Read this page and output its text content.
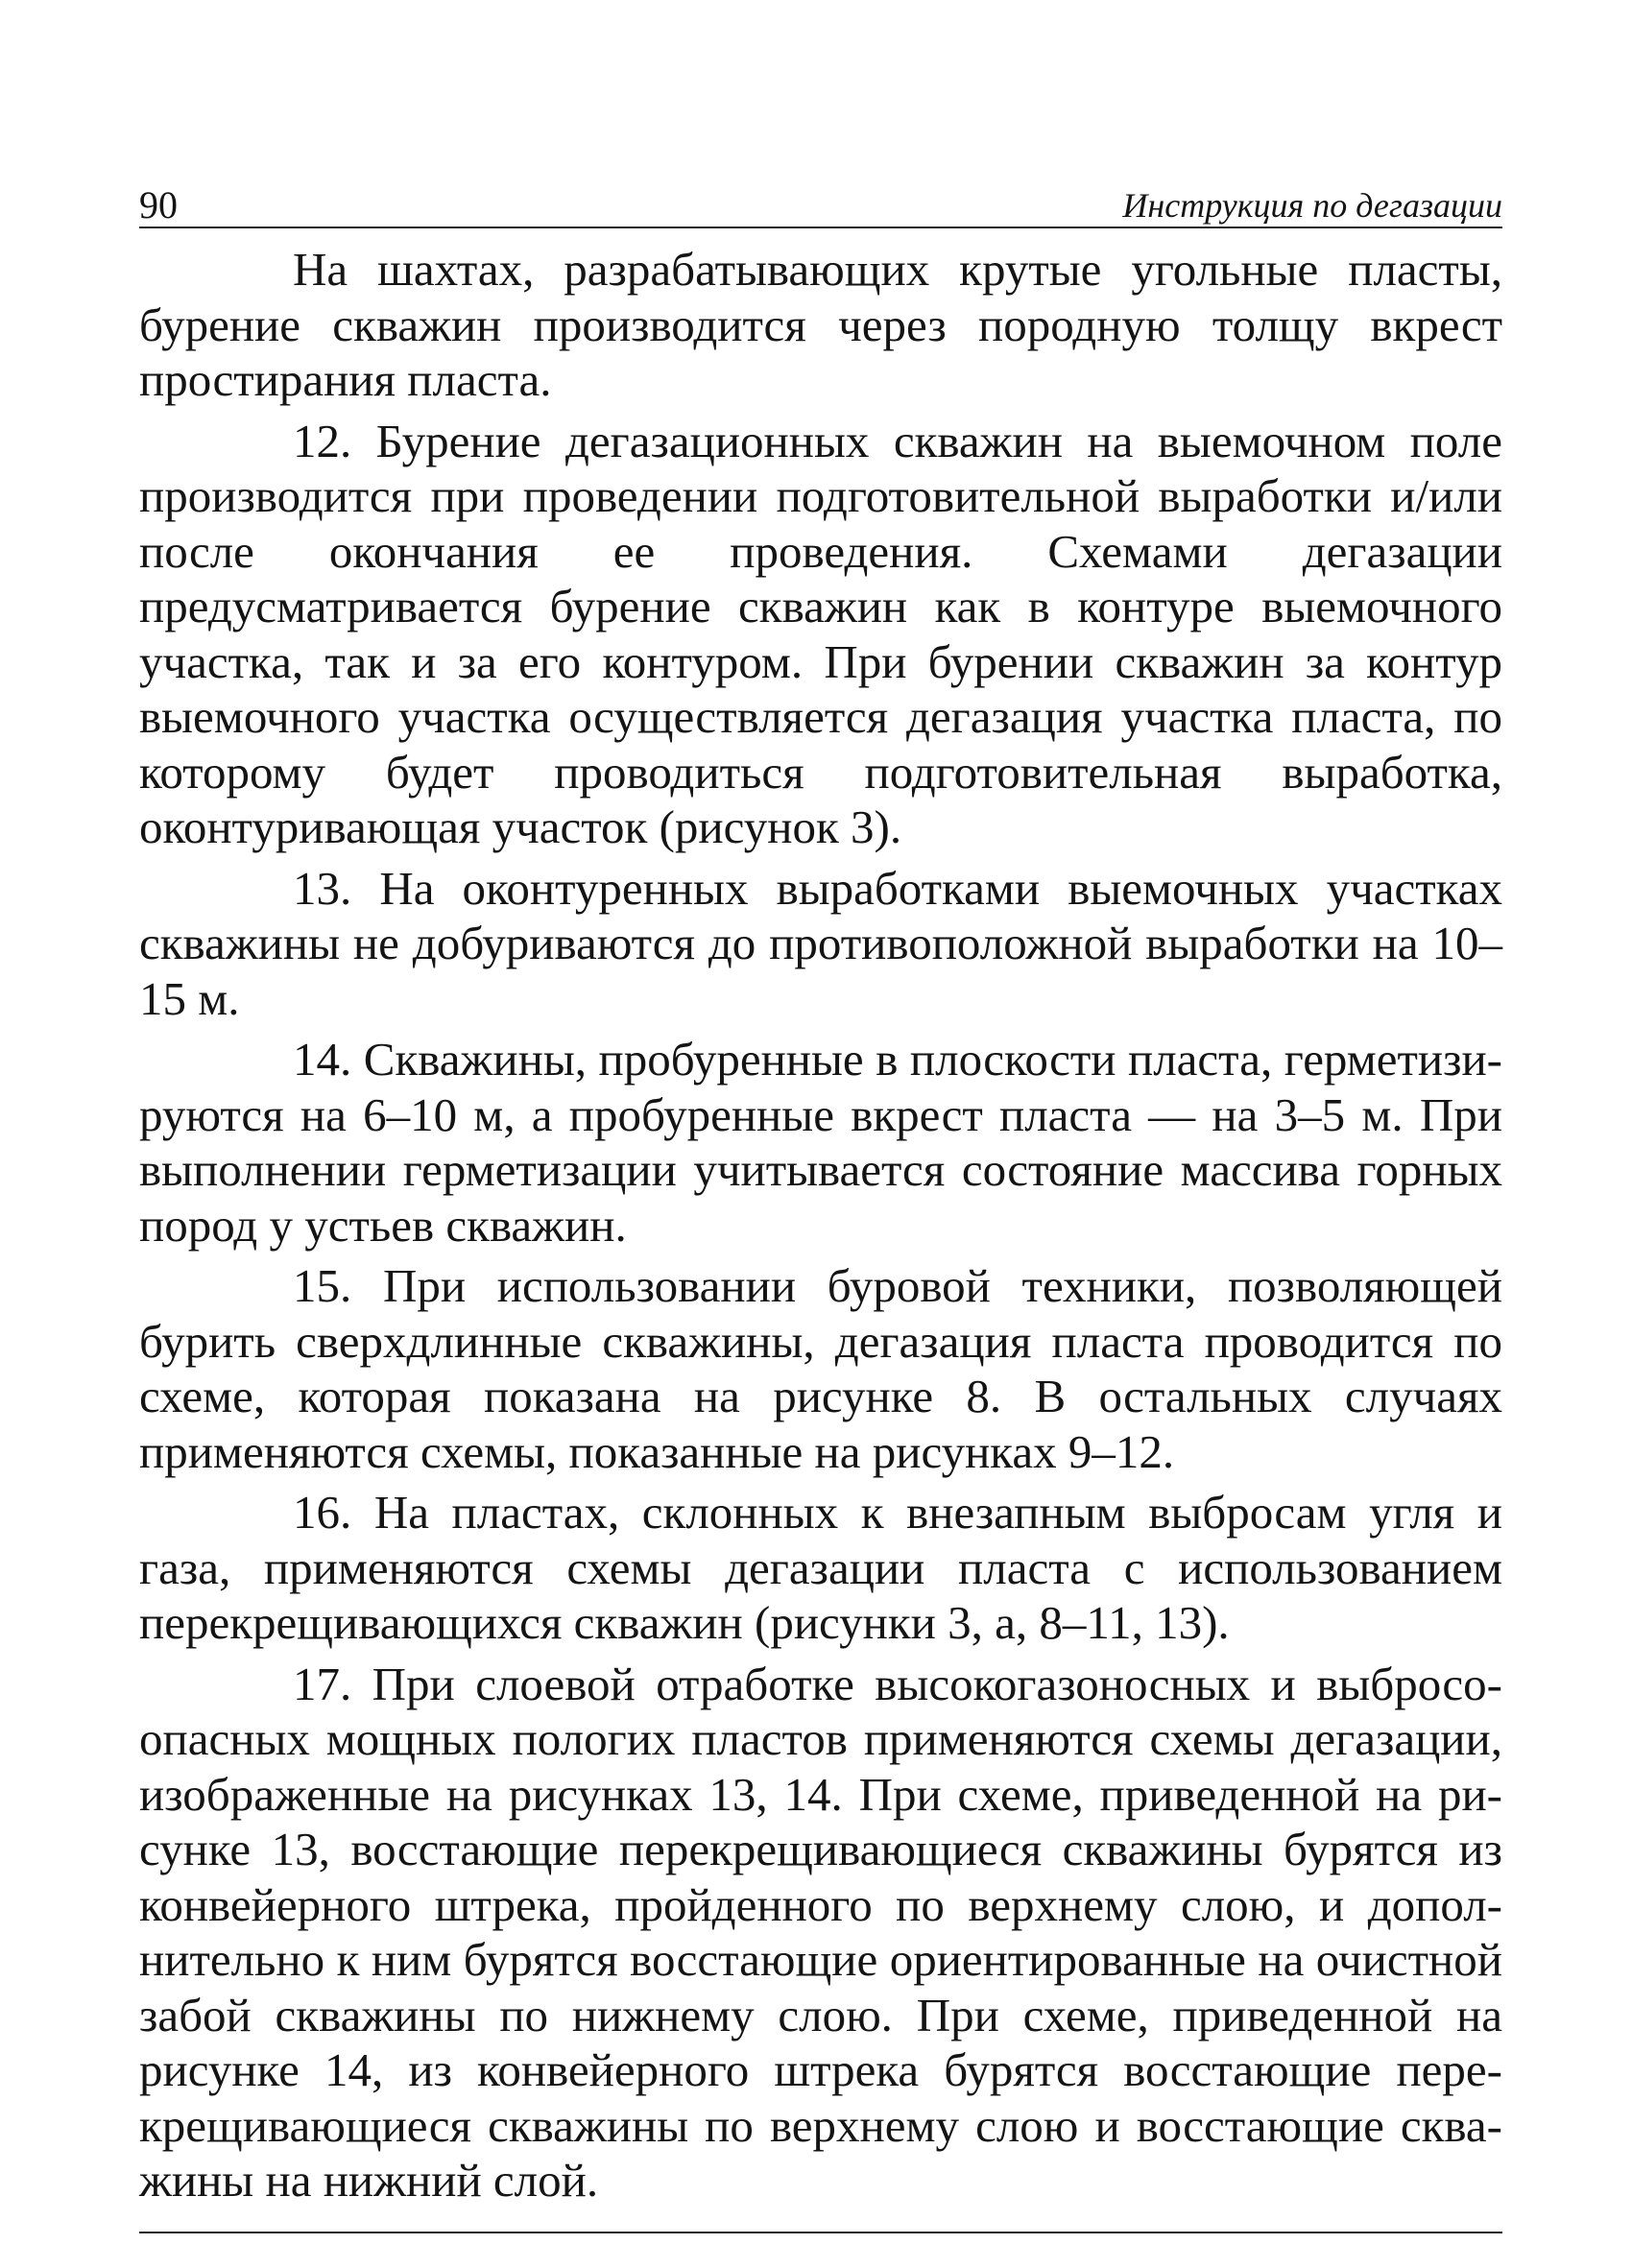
90	Инструкция по дегазации

На шахтах, разрабатывающих крутые угольные пласты, бурение скважин производится через породную толщу вкрест простирания пласта.

12. Бурение дегазационных скважин на выемочном поле производится при проведении подготовительной выработки и/или после окончания ее проведения. Схемами дегазации предусматривается бурение скважин как в контуре выемочного участка, так и за его контуром. При бурении скважин за контур выемочного участка осуществляется дегазация участка пласта, по которому будет проводиться подготовительная выработка, оконтуривающая участок (рисунок 3).

13. На оконтуренных выработками выемочных участках скважины не добуриваются до противоположной выработки на 10–15 м.

14. Скважины, пробуренные в плоскости пласта, герметизируются на 6–10 м, а пробуренные вкрест пласта — на 3–5 м. При выполнении герметизации учитывается состояние массива горных пород у устьев скважин.

15. При использовании буровой техники, позволяющей бурить сверхдлинные скважины, дегазация пласта проводится по схеме, которая показана на рисунке 8. В остальных случаях применяются схемы, показанные на рисунках 9–12.

16. На пластах, склонных к внезапным выбросам угля и газа, применяются схемы дегазации пласта с использованием перекрещивающихся скважин (рисунки 3, а, 8–11, 13).

17. При слоевой отработке высокогазоносных и выбросоопасных мощных пологих пластов применяются схемы дегазации, изображенные на рисунках 13, 14. При схеме, приведенной на рисунке 13, восстающие перекрещивающиеся скважины бурятся из конвейерного штрека, пройденного по верхнему слою, и дополнительно к ним бурятся восстающие ориентированные на очистной забой скважины по нижнему слою. При схеме, приведенной на рисунке 14, из конвейерного штрека бурятся восстающие перекрещивающиеся скважины по верхнему слою и восстающие скважины на нижний слой.
